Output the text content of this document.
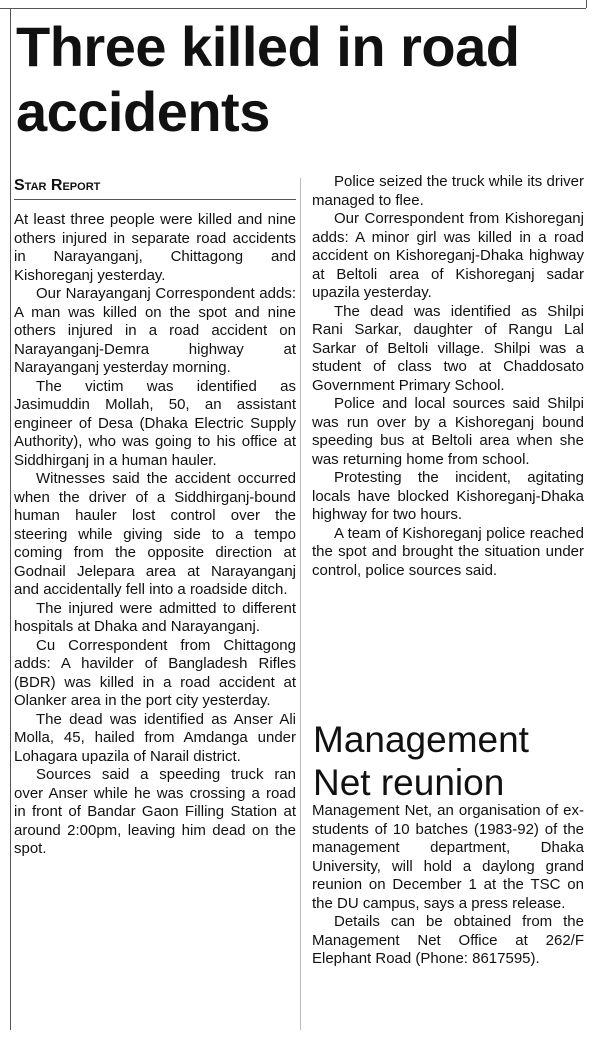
Three killed in road accidents
Star Report

At least three people were killed and nine others injured in separate road accidents in Narayanganj, Chittagong and Kishoreganj yesterday.

Our Narayanganj Correspondent adds: A man was killed on the spot and nine others injured in a road accident on Narayanganj-Demra highway at Narayanganj yesterday morning.

The victim was identified as Jasimuddin Mollah, 50, an assistant engineer of Desa (Dhaka Electric Supply Authority), who was going to his office at Siddhirganj in a human hauler.

Witnesses said the accident occurred when the driver of a Siddhirganj-bound human hauler lost control over the steering while giving side to a tempo coming from the opposite direction at Godnail Jelepara area at Narayanganj and accidentally fell into a roadside ditch.

The injured were admitted to different hospitals at Dhaka and Narayanganj.

Cu Correspondent from Chittagong adds: A havilder of Bangladesh Rifles (BDR) was killed in a road accident at Olanker area in the port city yesterday.

The dead was identified as Anser Ali Molla, 45, hailed from Amdanga under Lohagara upazila of Narail district.

Sources said a speeding truck ran over Anser while he was crossing a road in front of Bandar Gaon Filling Station at around 2:00pm, leaving him dead on the spot.

Police seized the truck while its driver managed to flee.

Our Correspondent from Kishoreganj adds: A minor girl was killed in a road accident on Kishoreganj-Dhaka highway at Beltoli area of Kishoreganj sadar upazila yesterday.

The dead was identified as Shilpi Rani Sarkar, daughter of Rangu Lal Sarkar of Beltoli village. Shilpi was a student of class two at Chaddosato Government Primary School.

Police and local sources said Shilpi was run over by a Kishoreganj bound speeding bus at Beltoli area when she was returning home from school.

Protesting the incident, agitating locals have blocked Kishoreganj-Dhaka highway for two hours.

A team of Kishoreganj police reached the spot and brought the situation under control, police sources said.

Management Net reunion

Management Net, an organisation of ex-students of 10 batches (1983-92) of the management department, Dhaka University, will hold a daylong grand reunion on December 1 at the TSC on the DU campus, says a press release.

Details can be obtained from the Management Net Office at 262/F Elephant Road (Phone: 8617595).
